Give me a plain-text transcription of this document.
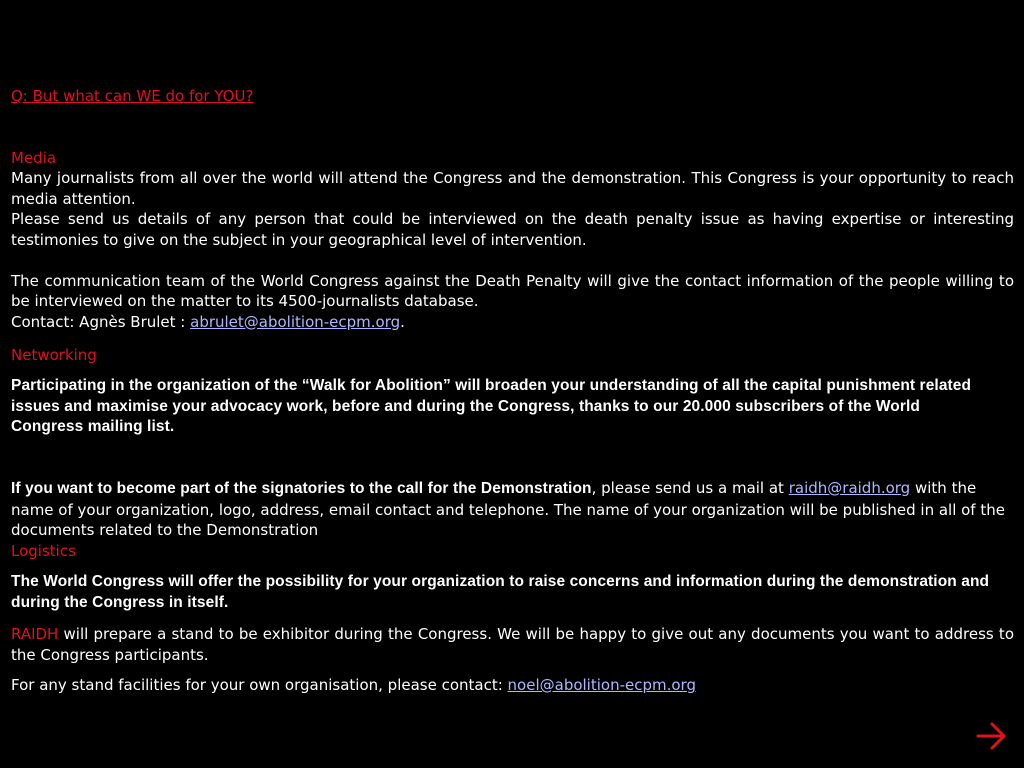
Q: But what can WE do for YOU?

Media

Many journalists from all over the world will attend the Congress and the demonstration. This Congress is your opportunity to reach media attention.
Please send us details of any person that could be interviewed on the death penalty issue as having expertise or interesting testimonies to give on the subject in your geographical level of intervention.
The communication team of the World Congress against the Death Penalty will give the contact information of the people willing to be interviewed on the matter to its 4500-journalists database.
Contact: Agnès Brulet : abrulet@abolition-ecpm.org.

Networking

Participating in the organization of the “Walk for Abolition” will broaden your understanding of all the capital punishment related issues and maximise your advocacy work, before and during the Congress, thanks to our 20.000 subscribers of the World Congress mailing list.

If you want to become part of the signatories to the call for the Demonstration, please send us a mail at raidh@raidh.org with the name of your organization, logo, address, email contact and telephone. The name of your organization will be published in all of the documents related to the Demonstration

Logistics

The World Congress will offer the possibility for your organization to raise concerns and information during the demonstration and during the Congress in itself.

RAIDH will prepare a stand to be exhibitor during the Congress. We will be happy to give out any documents you want to address to the Congress participants.

For any stand facilities for your own organisation, please contact: noel@abolition-ecpm.org
